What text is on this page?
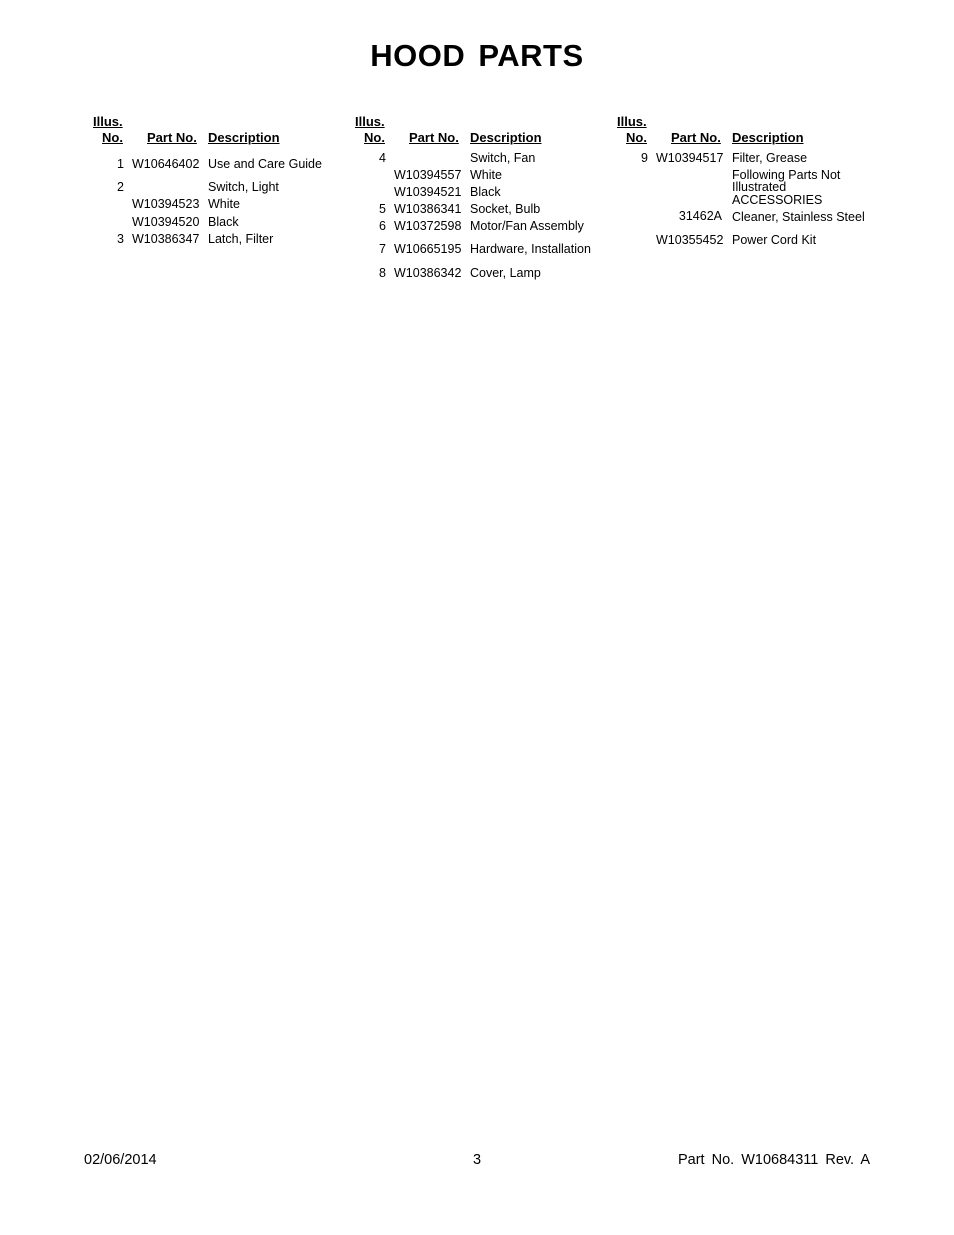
HOOD PARTS
Illus.
No. Part No. Description
1 W10646402 Use and Care Guide
2	Switch, Light
W10394523 White
W10394520 Black
3 W10386347 Latch, Filter
Illus.
No. Part No. Description
4	Switch, Fan
W10394557 White
W10394521 Black
5 W10386341 Socket, Bulb
6 W10372598 Motor/Fan Assembly
7 W10665195 Hardware, Installation
8 W10386342 Cover, Lamp
Illus.
No. Part No. Description
9 W10394517 Filter, Grease
Following Parts Not
Illustrated
ACCESSORIES
31462A Cleaner, Stainless Steel
W10355452 Power Cord Kit
3
02/06/2014	Part No. W10684311 Rev. A
